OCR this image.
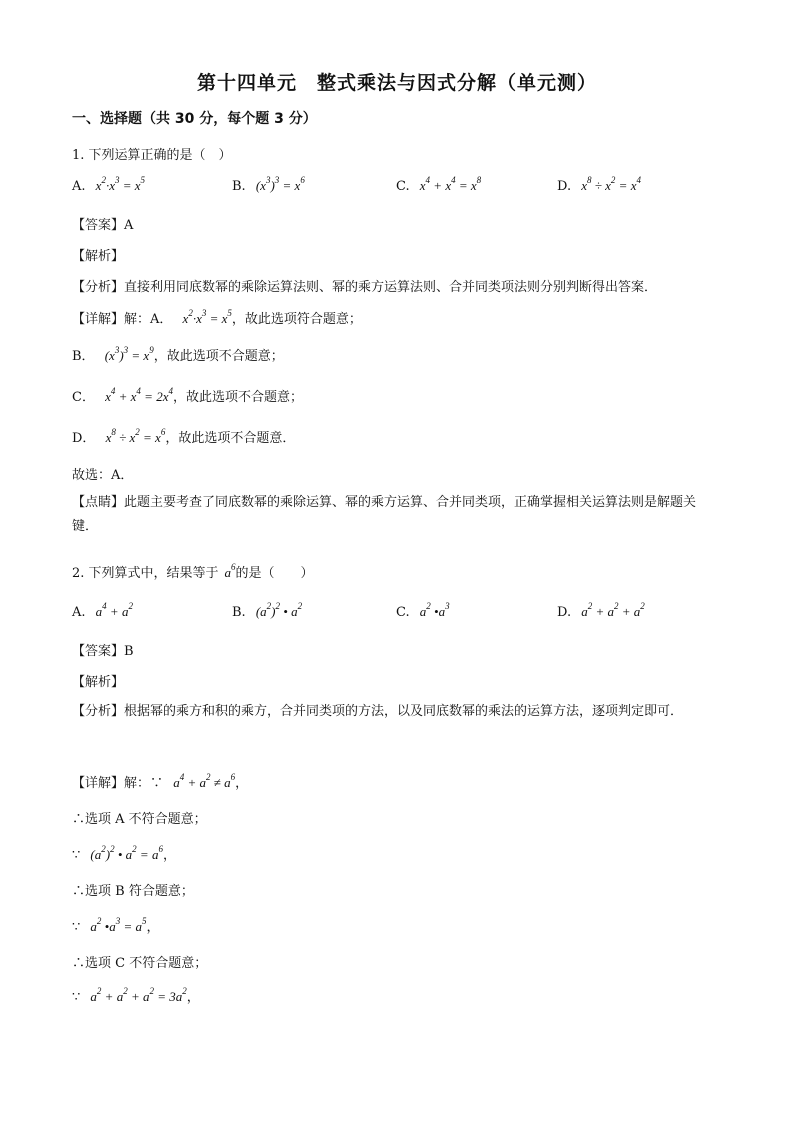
第十四单元　整式乘法与因式分解（单元测）
一、选择题（共 30 分，每个题 3 分）
1. 下列运算正确的是（　）
A. $x^2\cdot x^3 = x^5$	B. $(x^3)^3 = x^6$	C. $x^4 + x^4 = x^8$	D. $x^8 \div x^2 = x^4$
【答案】A
【解析】
【分析】直接利用同底数幂的乘除运算法则、幂的乘方运算法则、合并同类项法则分别判断得出答案．
【详解】解：A． $x^2\cdot x^3 = x^5$，故此选项符合题意；
B． $(x^3)^3 = x^9$，故此选项不合题意；
C． $x^4 + x^4 = 2x^4$，故此选项不合题意；
D． $x^8 \div x^2 = x^6$，故此选项不合题意．
故选：A．
【点睛】此题主要考查了同底数幂的乘除运算、幂的乘方运算、合并同类项，正确掌握相关运算法则是解题关键．
2. 下列算式中，结果等于 $a^6$的是（　　）
A. $a^4 + a^2$	B. $(a^2)^2$ • $a^2$	C. $a^2$ $•a^3$	D. $a^2 + a^2 + a^2$
【答案】B
【解析】
【分析】根据幂的乘方和积的乘方，合并同类项的方法，以及同底数幂的乘法的运算方法，逐项判定即可．
【详解】解：∵ $a^4 + a^2 \ne a^6$，
∴选项 A 不符合题意；
∵ $(a^2)^2$ • $a^2 = a^6$，
∴选项 B 符合题意；
∵ $a^2$ $•a^3 = a^5$，
∴选项 C 不符合题意；
∵ $a^2 + a^2 + a^2 = 3a^2$，
